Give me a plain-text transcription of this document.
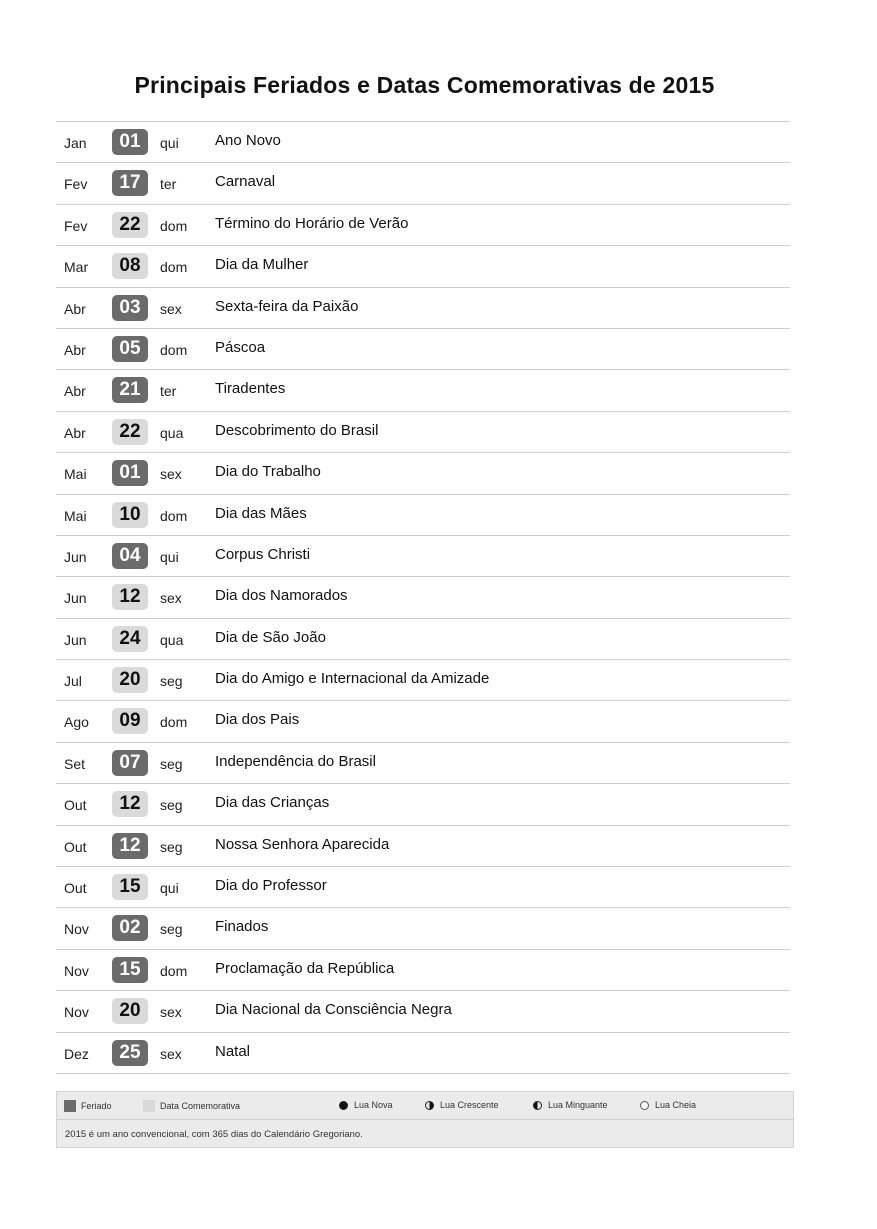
Principais Feriados e Datas Comemorativas de 2015
Jan	01	qui Ano Novo
Fev	17	ter	Carnaval
Fev	22	dom Término do Horário de Verão
Mar	08	dom Dia da Mulher
Abr	03	sex Sexta-feira da Paixão
Abr	05	dom Páscoa
Abr	21	ter	Tiradentes
Abr	22	qua Descobrimento do Brasil
Mai	01	sex Dia do Trabalho
Mai	10	dom Dia das Mães
Jun	04	qui Corpus Christi
Jun	12	sex Dia dos Namorados
Jun	24	qua Dia de São João
Jul	20	seg Dia do Amigo e Internacional da Amizade
Ago	09	dom Dia dos Pais
Set	07	seg Independência do Brasil
Out	12	seg Dia das Crianças
Out	12	seg Nossa Senhora Aparecida
Out	15	qui Dia do Professor
Nov	02	seg Finados
Nov	15	dom Proclamação da República
Nov	20	sex Dia Nacional da Consciência Negra
Dez	25	sex Natal
Feriado	Data Comemorativa	Lua Nova	Lua Crescente	Lua Minguante	Lua Cheia
2015 é um ano convencional, com 365 dias do Calendário Gregoriano.
